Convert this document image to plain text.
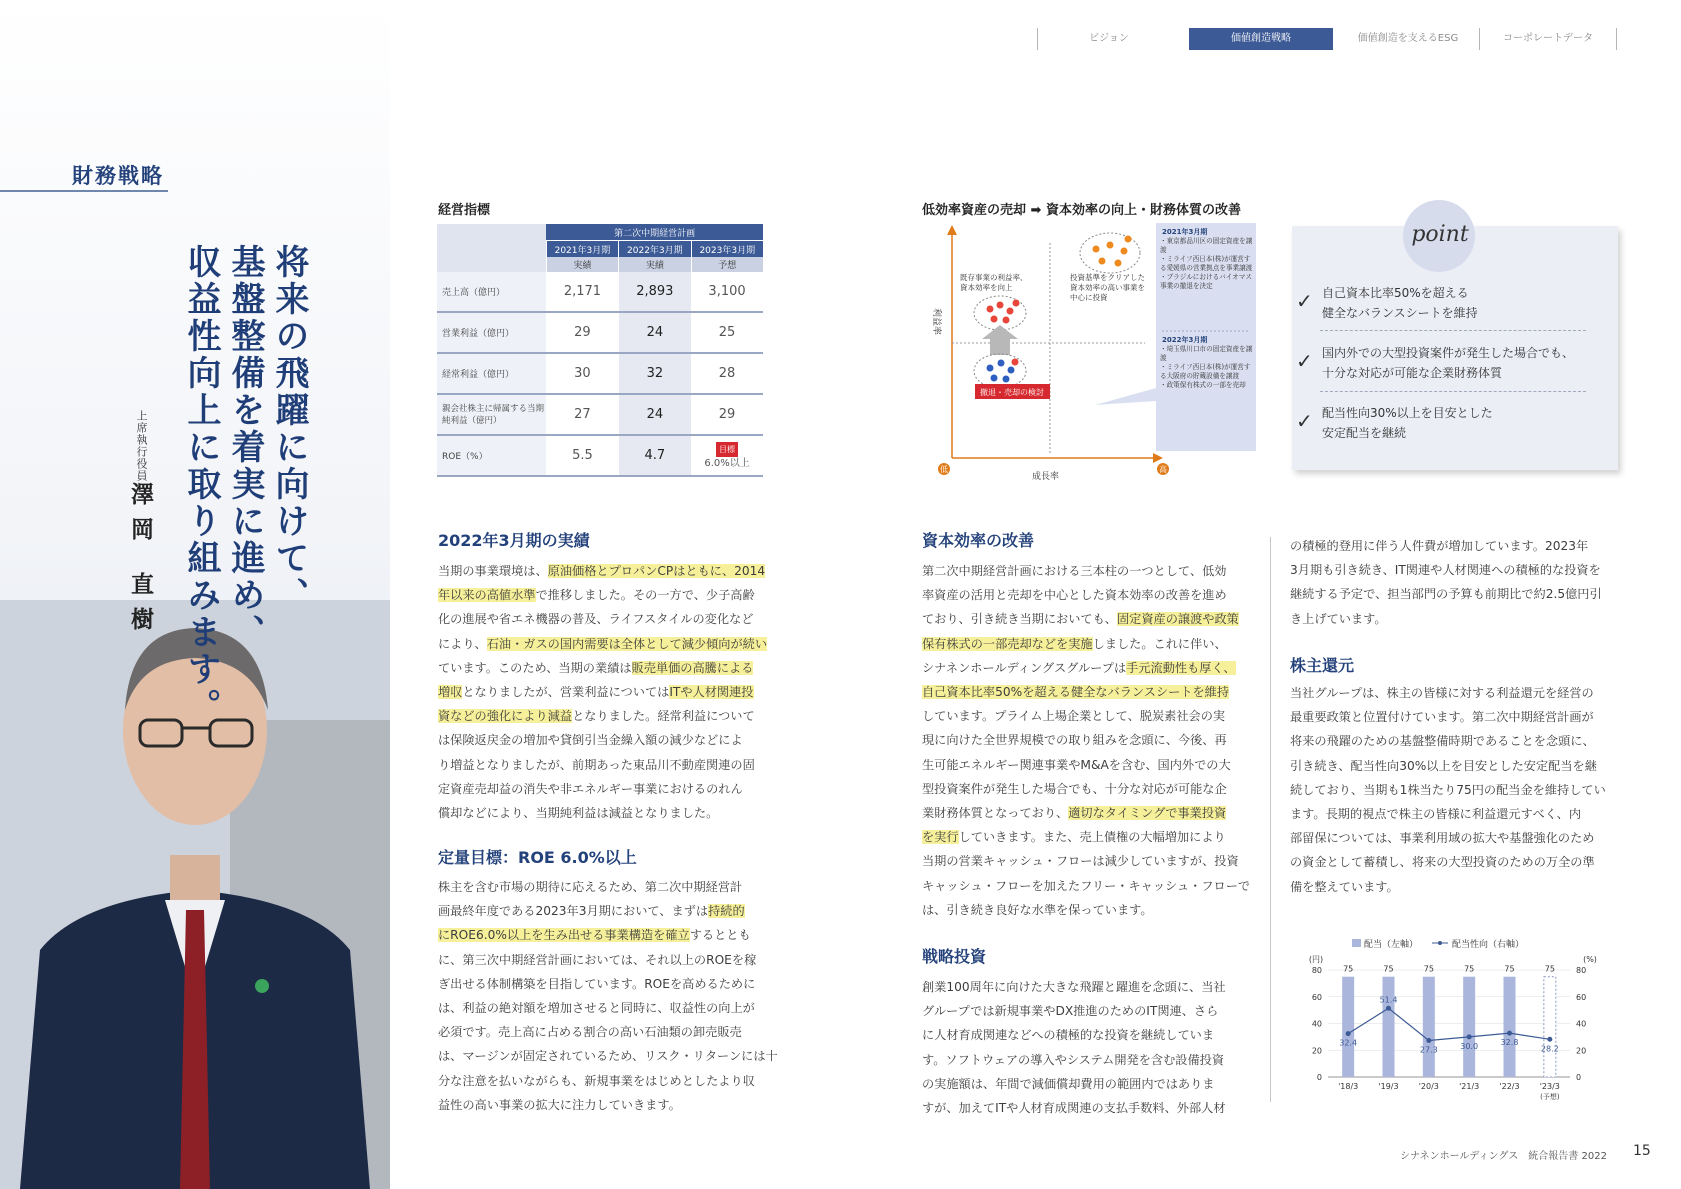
財務戦略
将来の飛躍に向けて、
基盤整備を着実に進め、
収益性向上に取り組みます。
上席執行役員
澤岡 直樹
ビジョン	価値創造戦略	価値創造を支えるESG	コーポレートデータ
経営指標
	第二次中期経営計画		
	2021年3月期	2022年3月期	2023年3月期
	実績	実績	予想
売上高（億円）	2,171	2,893	3,100
営業利益（億円）	29	24	25
経常利益（億円）	30	32	28
親会社株主に帰属する当期純利益（億円）	27	24	29
ROE（%）	5.5	4.7	目標
6.0%以上
低効率資産の売却 ➡ 資本効率の向上・財務体質の改善
低	高
成長率
利益率
既存事業の利益率、
資本効率を向上
撤退・売却の検討
投資基準をクリアした
資本効率の高い事業を
中心に投資
2021年3月期
・東京都品川区の固定資産を譲渡
・ミライフ西日本(株)が運営する愛媛県の営業拠点を事業譲渡
・ブラジルにおけるバイオマス事業の撤退を決定
2022年3月期
・埼玉県川口市の固定資産を譲渡
・ミライフ西日本(株)が運営する大阪府の貯蔵設備を譲渡
・政策保有株式の一部を売却
point
✓ 自己資本比率50%を超える
健全なバランスシートを維持
✓ 国内外での大型投資案件が発生した場合でも、
十分な対応が可能な企業財務体質
✓ 配当性向30%以上を目安とした
安定配当を継続
2022年3月期の実績
当期の事業環境は、原油価格とプロパンCPはともに、2014
年以来の高値水準で推移しました。その一方で、少子高齢
化の進展や省エネ機器の普及、ライフスタイルの変化など
により、石油・ガスの国内需要は全体として減少傾向が続い
ています。このため、当期の業績は販売単価の高騰による
増収となりましたが、営業利益についてはITや人材関連投
資などの強化により減益となりました。経常利益について
は保険返戻金の増加や貸倒引当金繰入額の減少などによ
り増益となりましたが、前期あった東品川不動産関連の固
定資産売却益の消失や非エネルギー事業におけるのれん
償却などにより、当期純利益は減益となりました。
定量目標：ROE 6.0%以上
株主を含む市場の期待に応えるため、第二次中期経営計
画最終年度である2023年3月期において、まずは持続的
にROE6.0%以上を生み出せる事業構造を確立するととも
に、第三次中期経営計画においては、それ以上のROEを稼
ぎ出せる体制構築を目指しています。ROEを高めるために
は、利益の絶対額を増加させると同時に、収益性の向上が
必須です。売上高に占める割合の高い石油類の卸売販売
は、マージンが固定されているため、リスク・リターンには十
分な注意を払いながらも、新規事業をはじめとしたより収
益性の高い事業の拡大に注力していきます。
資本効率の改善
第二次中期経営計画における三本柱の一つとして、低効
率資産の活用と売却を中心とした資本効率の改善を進め
ており、引き続き当期においても、固定資産の譲渡や政策
保有株式の一部売却などを実施しました。これに伴い、
シナネンホールディングスグループは手元流動性も厚く、
自己資本比率50%を超える健全なバランスシートを維持
しています。プライム上場企業として、脱炭素社会の実
現に向けた全世界規模での取り組みを念頭に、今後、再
生可能エネルギー関連事業やM&Aを含む、国内外での大
型投資案件が発生した場合でも、十分な対応が可能な企
業財務体質となっており、適切なタイミングで事業投資
を実行していきます。また、売上債権の大幅増加により
当期の営業キャッシュ・フローは減少していますが、投資
キャッシュ・フローを加えたフリー・キャッシュ・フローで
は、引き続き良好な水準を保っています。
戦略投資
創業100周年に向けた大きな飛躍と躍進を念頭に、当社
グループでは新規事業やDX推進のためのIT関連、さら
に人材育成関連などへの積極的な投資を継続していま
す。ソフトウェアの導入やシステム開発を含む設備投資
の実施額は、年間で減価償却費用の範囲内ではありま
すが、加えてITや人材育成関連の支払手数料、外部人材
の積極的登用に伴う人件費が増加しています。2023年
3月期も引き続き、IT関連や人材関連への積極的な投資を
継続する予定で、担当部門の予算も前期比で約2.5億円引
き上げています。
株主還元
当社グループは、株主の皆様に対する利益還元を経営の
最重要政策と位置付けています。第二次中期経営計画が
将来の飛躍のための基盤整備時期であることを念頭に、
引き続き、配当性向30%以上を目安とした安定配当を継
続しており、当期も1株当たり75円の配当金を維持してい
ます。長期的視点で株主の皆様に利益還元すべく、内
部留保については、事業利用域の拡大や基盤強化のため
の資金として蓄積し、将来の大型投資のための万全の準
備を整えています。
配当（左軸）	配当性向（右軸）
(円)	(%)
0	0
20	20
40	40
60	60
80	80
75
'18/3
75
'19/3
75
'20/3
75
'21/3
75
'22/3
75
'23/3
(予想)
32.4
51.4
27.3	30.0	32.8
28.2
シナネンホールディングス　統合報告書 2022 15
